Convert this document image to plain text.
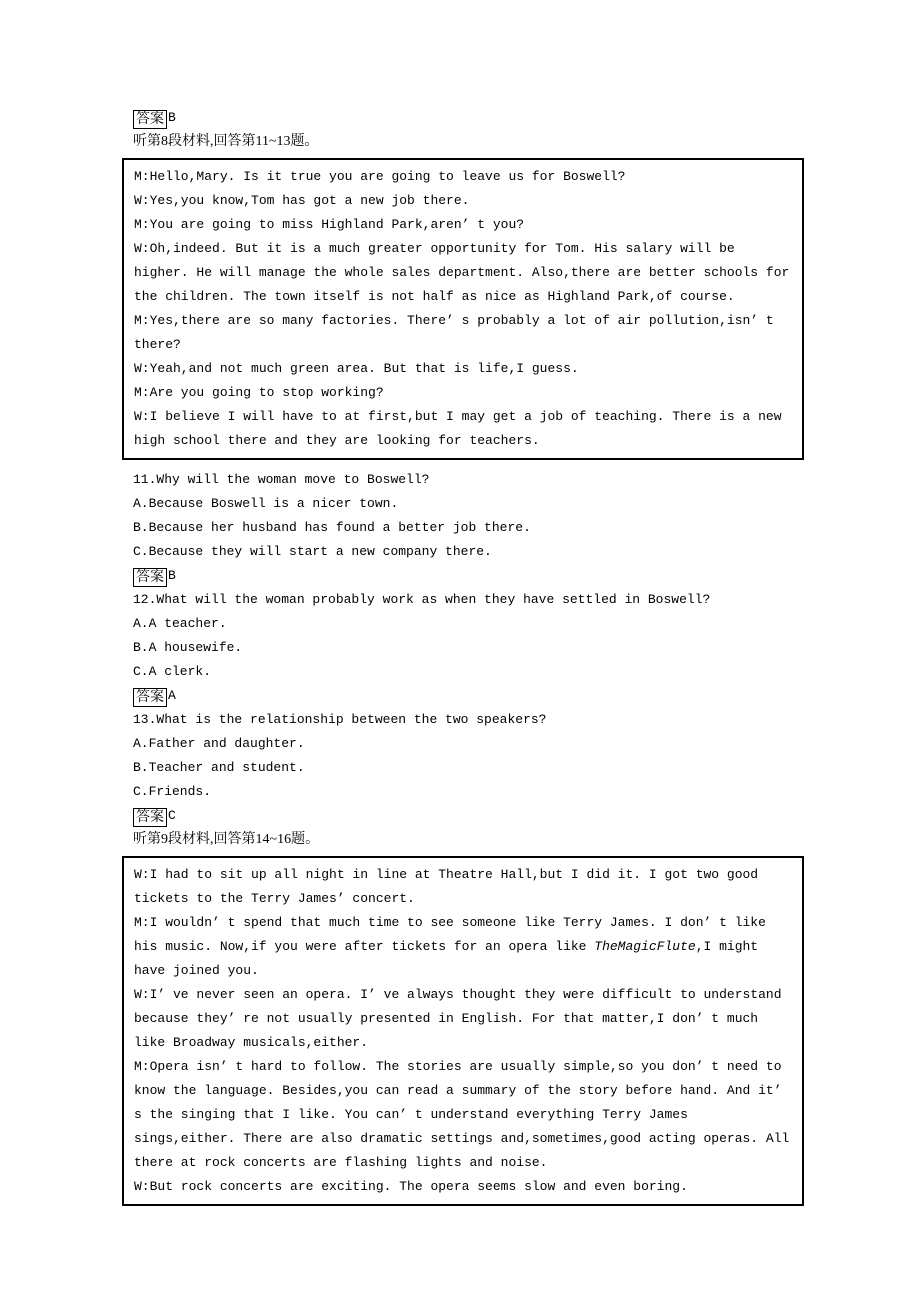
答案 B
听第8段材料,回答第11~13题。

M:Hello,Mary. Is it true you are going to leave us for Boswell?

W:Yes,you know,Tom has got a new job there.

M:You are going to miss Highland Park,aren’ t you?

W:Oh,indeed. But it is a much greater opportunity for Tom. His salary will be higher. He will manage the whole sales department. Also,there are better schools for the children. The town itself is not half as nice as Highland Park,of course.

M:Yes,there are so many factories. There’ s probably a lot of air pollution,isn’ t there?

W:Yeah,and not much green area. But that is life,I guess.

M:Are you going to stop working?

W:I believe I will have to at first,but I may get a job of teaching. There is a new high school there and they are looking for teachers.

11.Why will the woman move to Boswell?
A.Because Boswell is a nicer town.
B.Because her husband has found a better job there.
C.Because they will start a new company there.
答案 B
12.What will the woman probably work as when they have settled in Boswell?
A.A teacher.
B.A housewife.
C.A clerk.
答案 A
13.What is the relationship between the two speakers?
A.Father and daughter.
B.Teacher and student.
C.Friends.
答案 C
听第9段材料,回答第14~16题。

W:I had to sit up all night in line at Theatre Hall,but I did it. I got two good tickets to the Terry James’ concert.

M:I wouldn’ t spend that much time to see someone like Terry James. I don’ t like his music. Now,if you were after tickets for an opera like TheMagicFlute,I might have joined you.

W:I’ ve never seen an opera. I’ ve always thought they were difficult to understand because they’ re not usually presented in English. For that matter,I don’ t much like Broadway musicals,either.

M:Opera isn’ t hard to follow. The stories are usually simple,so you don’ t need to know the language. Besides,you can read a summary of the story before hand. And it’ s the singing that I like. You can’ t understand everything Terry James

sings,either. There are also dramatic settings and,sometimes,good acting operas. All there at rock concerts are flashing lights and noise.

W:But rock concerts are exciting. The opera seems slow and even boring.
